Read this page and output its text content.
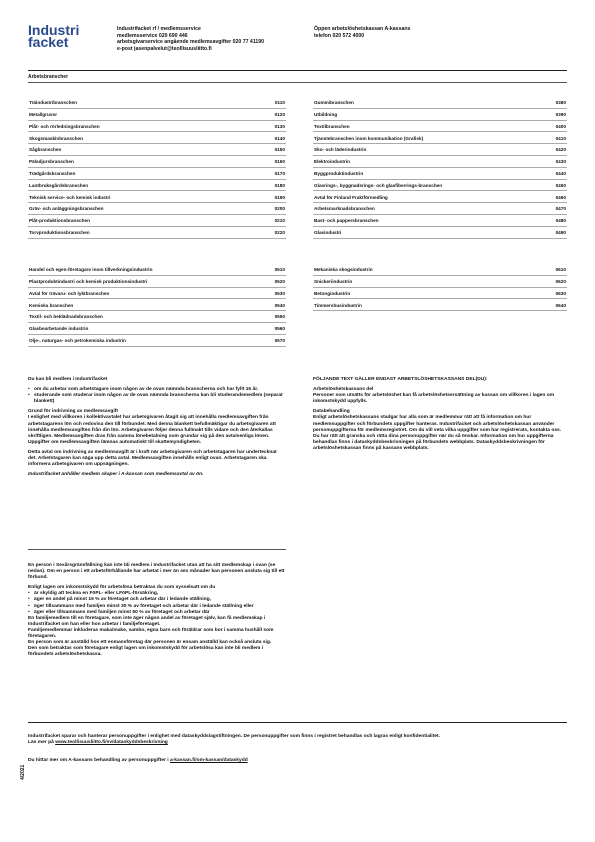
Industri
facket
Industrifacket rf / medlemsservice
medlemsservice 020 690 446
arbetsgivarservice angående medlemsavgifter 020 77 41190
e-post jasenpalvelut@teollisuusliitto.fi
Öppen arbetslöshetskassan A-kassans
telefon 020 572 4000
Arbetsbranscher
Träindustribranschen	0110
Metallgruvor	0120
Plåt- och rörledningsbranschen	0130
Skogsmaskinbranschen	0140
Sågbranschen	0150
Pälsdjursbranschen	0160
Trädgårdsbranschen	0170
Lantbruksgårdsbranschen	0180
Teknisk service- och kemisk industri	0190
Gräv- och anläggningsbranschen	0200
Plåt-produktionsbranschen	0210
Torvproduktionsbranschen	0220
Gummibranschen	0380
Utbildning	0390
Textilbranschen	0400
Tjänstebranschen inom kommunikation (Grafisk)	0410
Sko- och läderindustrin	0420
Elektroindustrin	0430
Byggproduktindustrin	0440
Glasrings-, byggnadsrings- och glasfiberrings-branschen	0450
Avtal för Finland Fraktförmedling	0460
Arbetsmarknadsbranschen	0470
Bast- och pappersbranschen	0480
Glasindustri	0490
Handel och egen-företagare inom tillverkningsindustrin	0510
Plastproduktindustri och kemisk produktionsindustri	0520
Avtal för trävaru- och lyktbranschen	0530
Kemiska branschen	0540
Textil- och beklädnadsbranschen	0550
Glasbearbetande industrin	0560
Olje-, naturgas- och petrokemiska industrin	0570
Mekaniska skogsindustrin	0610
Snickeriindustrin	0620
Betongindustrin	0630
Timmershusindustrin	0640

Du kan bli medlem i Industrifacket

• om du arbetar som arbetstagare inom någon av de ovan nämnda branscherna och har fyllt 15 år.
• studerande som studerar inom någon av de ovan nämnda branscherna kan bli studerandemedlem (separat blankett)

Grund för indrivning av medlemsavgift
I enlighet med villkoren i kollektivavtalet har arbetsgivaren åtagit sig att innehålla medlemsavgiften från arbetstagarens lön och redovisa den till förbundet. Med denna blankett befullmäktigar du arbetsgivaren att innehålla medlemsavgiften från din lön. Arbetsgivaren följer denna fullmakt tills vidare och den återkallas skriftligen. Medlemsavgiften dras från samma lönebetalning som grundar sig på den avtalsenliga lönen. Uppgifter om medlemsavgiften lämnas automatiskt till skattemyndigheten.

Detta avtal om indrivning av medlemsavgift är i kraft när arbetsgivaren och arbetstagaren har undertecknat det. Arbetstagaren kan säga upp detta avtal. Medlemsavgiften innehålls enligt ovan. Arbetstagaren ska informera arbetsgivaren om uppsägningen.

Industrifacket anhåller medlem skaper i A-kassan som medlemsavtal av ön.

En person i Sexårsgränsfällning kan inte bli medlem i Industrifacket utan att ha sitt medlemskap i ovan (se nedan). Om en person i ett arbetsförhållande har arbetat i mer än sex månader kan personen ansluta sig till ett förbund.

Enligt lagen om inkomstskydd för arbetslösa betraktas du som sysselsatt om du

• är skyldig att teckna en FöPL- eller LFöPL-försäkring,
• äger en andel på minst 15 % av företaget och arbetar där i ledande ställning,
• äger tillsammans med familjen minst 30 % av företaget och arbetar där i ledande ställning eller
• äger eller tillsammans med familjen minst 50 % av företaget och arbetar där
En familjemedlem till en företagare, som inte äger någon andel av företaget själv, kan få medlemskap i Industrifacket om han eller hon arbetar i familjeföretaget.
Familjemedlemmar inkluderas maka/make, sambo, egna barn och föräldrar som bor i samma hushåll som företagaren.
En person som är anställd hos ett enmansföretag där personen är ensam anställd kan också ansluta sig.
Den som betraktas som företagare enligt lagen om inkomstskydd för arbetslösa kan inte bli medlem i förbundets arbetslöshetskassa.

FÖLJANDE TEXT GÄLLER ENDAST ARBETSLÖSHETSKASSANS DEL(DU):

Arbetslöshetskassans del
Personer som utsätts för arbetslöshet kan få arbetslöshetsersättning av kassan om villkoren i lagen om inkomstskydd uppfylls.

Databehandling
Enligt arbetslöshetskassans stadgar har alla som är medlemmar rätt att få information om hur medlemsuppgifter och förbundets uppgifter hanteras. Industrifacket och arbetslöshetskassan använder personuppgifterna för medlemsregistret. Om du vill veta vilka uppgifter som har registrerats, kontakta oss. Du har rätt att granska och rätta dina personuppgifter när du så önskar. Information om hur uppgifterna behandlas finns i dataskyddsbeskrivningen på förbundets webbplats. Dataskyddsbeskrivningen för arbetslöshetskassan finns på kassans webbplats.

Industrifacket sparar och hanterar personuppgifter i enlighet med dataskyddslagstiftningen. De personuppgifter som finns i registret behandlas och lagras enligt konfidentialitet.
Läs mer på www.teollisuusliitto.fi/sv/dataskyddsbeskrivning
Du hittar mer om A-kassans behandling av personuppgifter i a-kassan.fi/om-kassan/dataskydd
4/2021
